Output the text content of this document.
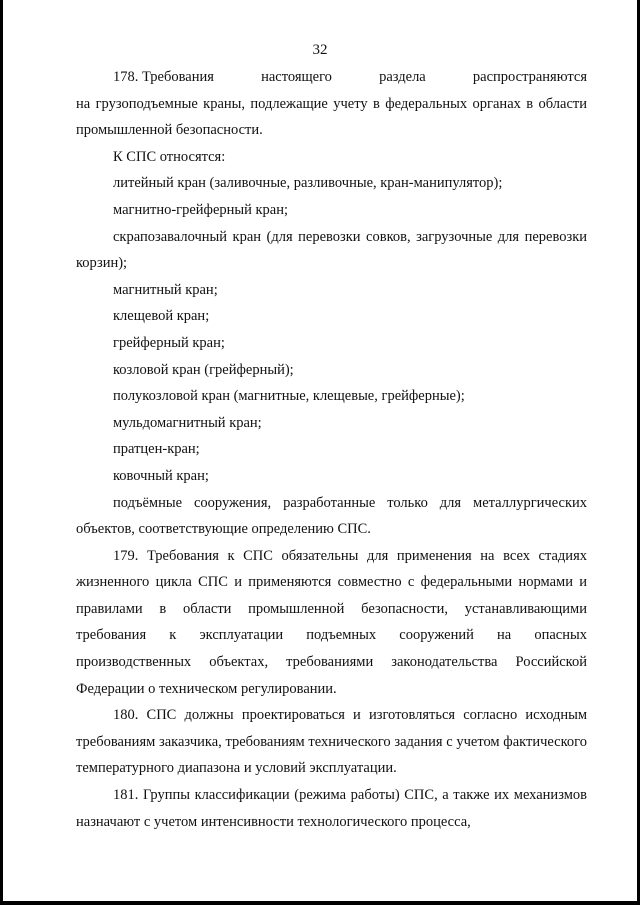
32
178. Требования	настоящего	раздела	распространяются

на грузоподъемные краны, подлежащие учету в федеральных органах в области промышленной безопасности.

К СПС относятся:

литейный кран (заливочные, разливочные, кран-манипулятор);

магнитно-грейферный кран;

скрапозавалочный кран (для перевозки совков, загрузочные для перевозки корзин);

магнитный кран;

клещевой кран;

грейферный кран;

козловой кран (грейферный);

полукозловой кран (магнитные, клещевые, грейферные);

мульдомагнитный кран;

пратцен-кран;

ковочный кран;

подъёмные сооружения, разработанные только для металлургических объектов, соответствующие определению СПС.

179. Требования к СПС обязательны для применения на всех стадиях жизненного цикла СПС и применяются совместно с федеральными нормами и правилами в области промышленной безопасности, устанавливающими требования к эксплуатации подъемных сооружений на опасных производственных объектах, требованиями законодательства Российской Федерации о техническом регулировании.

180. СПС должны проектироваться и изготовляться согласно исходным требованиям заказчика, требованиям технического задания с учетом фактического температурного диапазона и условий эксплуатации.

181. Группы классификации (режима работы) СПС, а также их механизмов назначают с учетом интенсивности технологического процесса,
